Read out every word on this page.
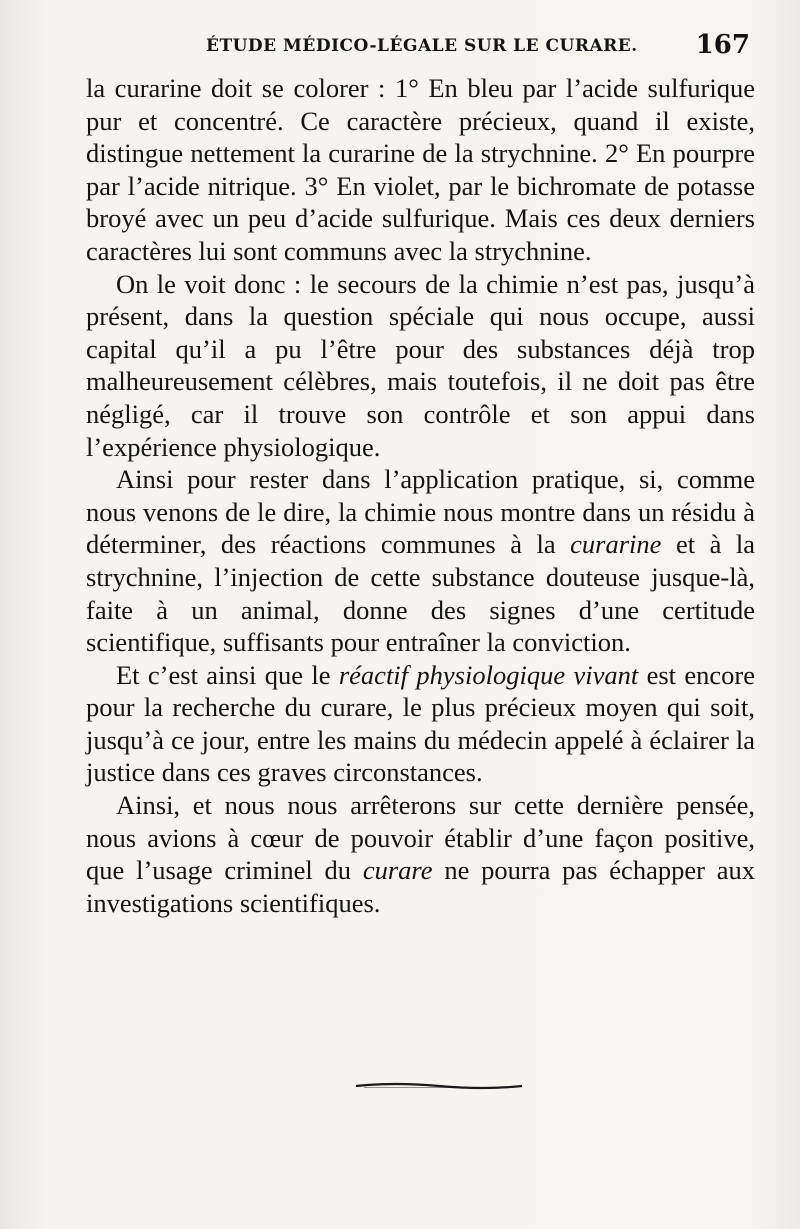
ÉTUDE MÉDICO-LÉGALE SUR LE CURARE. 167

la curarine doit se colorer : 1° En bleu par l’acide sulfurique pur et concentré. Ce caractère précieux, quand il existe, distingue nettement la curarine de la strychnine. 2° En pourpre par l’acide nitrique. 3° En violet, par le bichromate de potasse broyé avec un peu d’acide sulfurique. Mais ces deux derniers caractères lui sont communs avec la strychnine.

On le voit donc : le secours de la chimie n’est pas, jusqu’à présent, dans la question spéciale qui nous occupe, aussi capital qu’il a pu l’être pour des substances déjà trop malheureusement célèbres, mais toutefois, il ne doit pas être négligé, car il trouve son contrôle et son appui dans l’expérience physiologique.

Ainsi pour rester dans l’application pratique, si, comme nous venons de le dire, la chimie nous montre dans un résidu à déterminer, des réactions communes à la curarine et à la strychnine, l’injection de cette substance douteuse jusque-là, faite à un animal, donne des signes d’une certitude scientifique, suffisants pour entraîner la conviction.

Et c’est ainsi que le réactif physiologique vivant est encore pour la recherche du curare, le plus précieux moyen qui soit, jusqu’à ce jour, entre les mains du médecin appelé à éclairer la justice dans ces graves circonstances.

Ainsi, et nous nous arrêterons sur cette dernière pensée, nous avions à cœur de pouvoir établir d’une façon positive, que l’usage criminel du curare ne pourra pas échapper aux investigations scientifiques.
